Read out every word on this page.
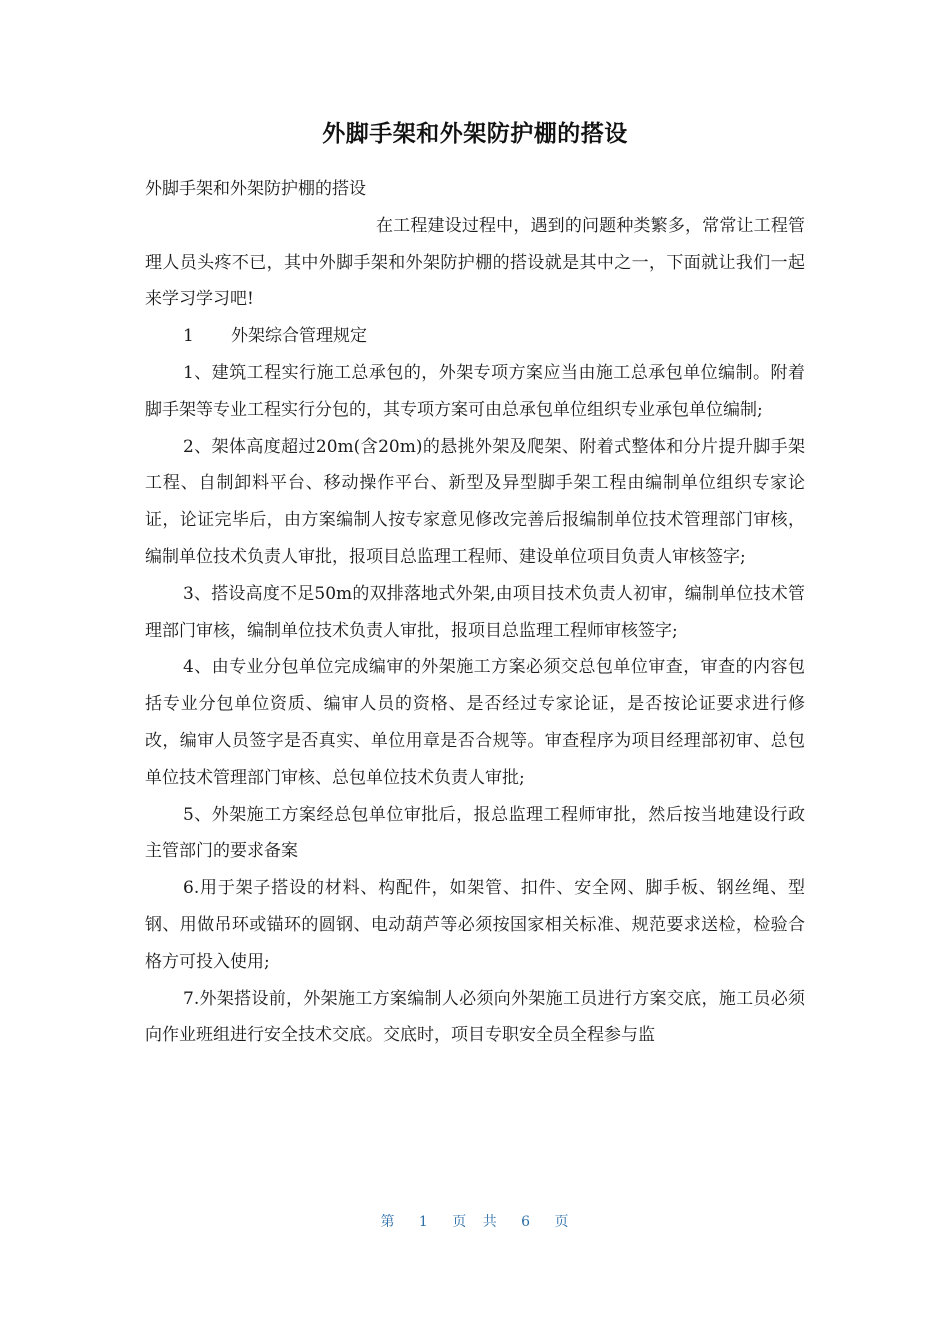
外脚手架和外架防护棚的搭设

外脚手架和外架防护棚的搭设

在工程建设过程中，遇到的问题种类繁多，常常让工程管理人员头疼不已，其中外脚手架和外架防护棚的搭设就是其中之一，下面就让我们一起来学习学习吧!

1 外架综合管理规定

1、建筑工程实行施工总承包的，外架专项方案应当由施工总承包单位编制。附着脚手架等专业工程实行分包的，其专项方案可由总承包单位组织专业承包单位编制;

2、架体高度超过20m(含20m)的悬挑外架及爬架、附着式整体和分片提升脚手架工程、自制卸料平台、移动操作平台、新型及异型脚手架工程由编制单位组织专家论证，论证完毕后，由方案编制人按专家意见修改完善后报编制单位技术管理部门审核，编制单位技术负责人审批，报项目总监理工程师、建设单位项目负责人审核签字;

3、搭设高度不足50m的双排落地式外架,由项目技术负责人初审，编制单位技术管理部门审核，编制单位技术负责人审批，报项目总监理工程师审核签字;

4、由专业分包单位完成编审的外架施工方案必须交总包单位审查，审查的内容包括专业分包单位资质、编审人员的资格、是否经过专家论证，是否按论证要求进行修改，编审人员签字是否真实、单位用章是否合规等。审查程序为项目经理部初审、总包单位技术管理部门审核、总包单位技术负责人审批;

5、外架施工方案经总包单位审批后，报总监理工程师审批，然后按当地建设行政主管部门的要求备案

6.用于架子搭设的材料、构配件，如架管、扣件、安全网、脚手板、钢丝绳、型钢、用做吊环或锚环的圆钢、电动葫芦等必须按国家相关标准、规范要求送检，检验合格方可投入使用;

7.外架搭设前，外架施工方案编制人必须向外架施工员进行方案交底，施工员必须向作业班组进行安全技术交底。交底时，项目专职安全员全程参与监

第 1 页 共 6 页
